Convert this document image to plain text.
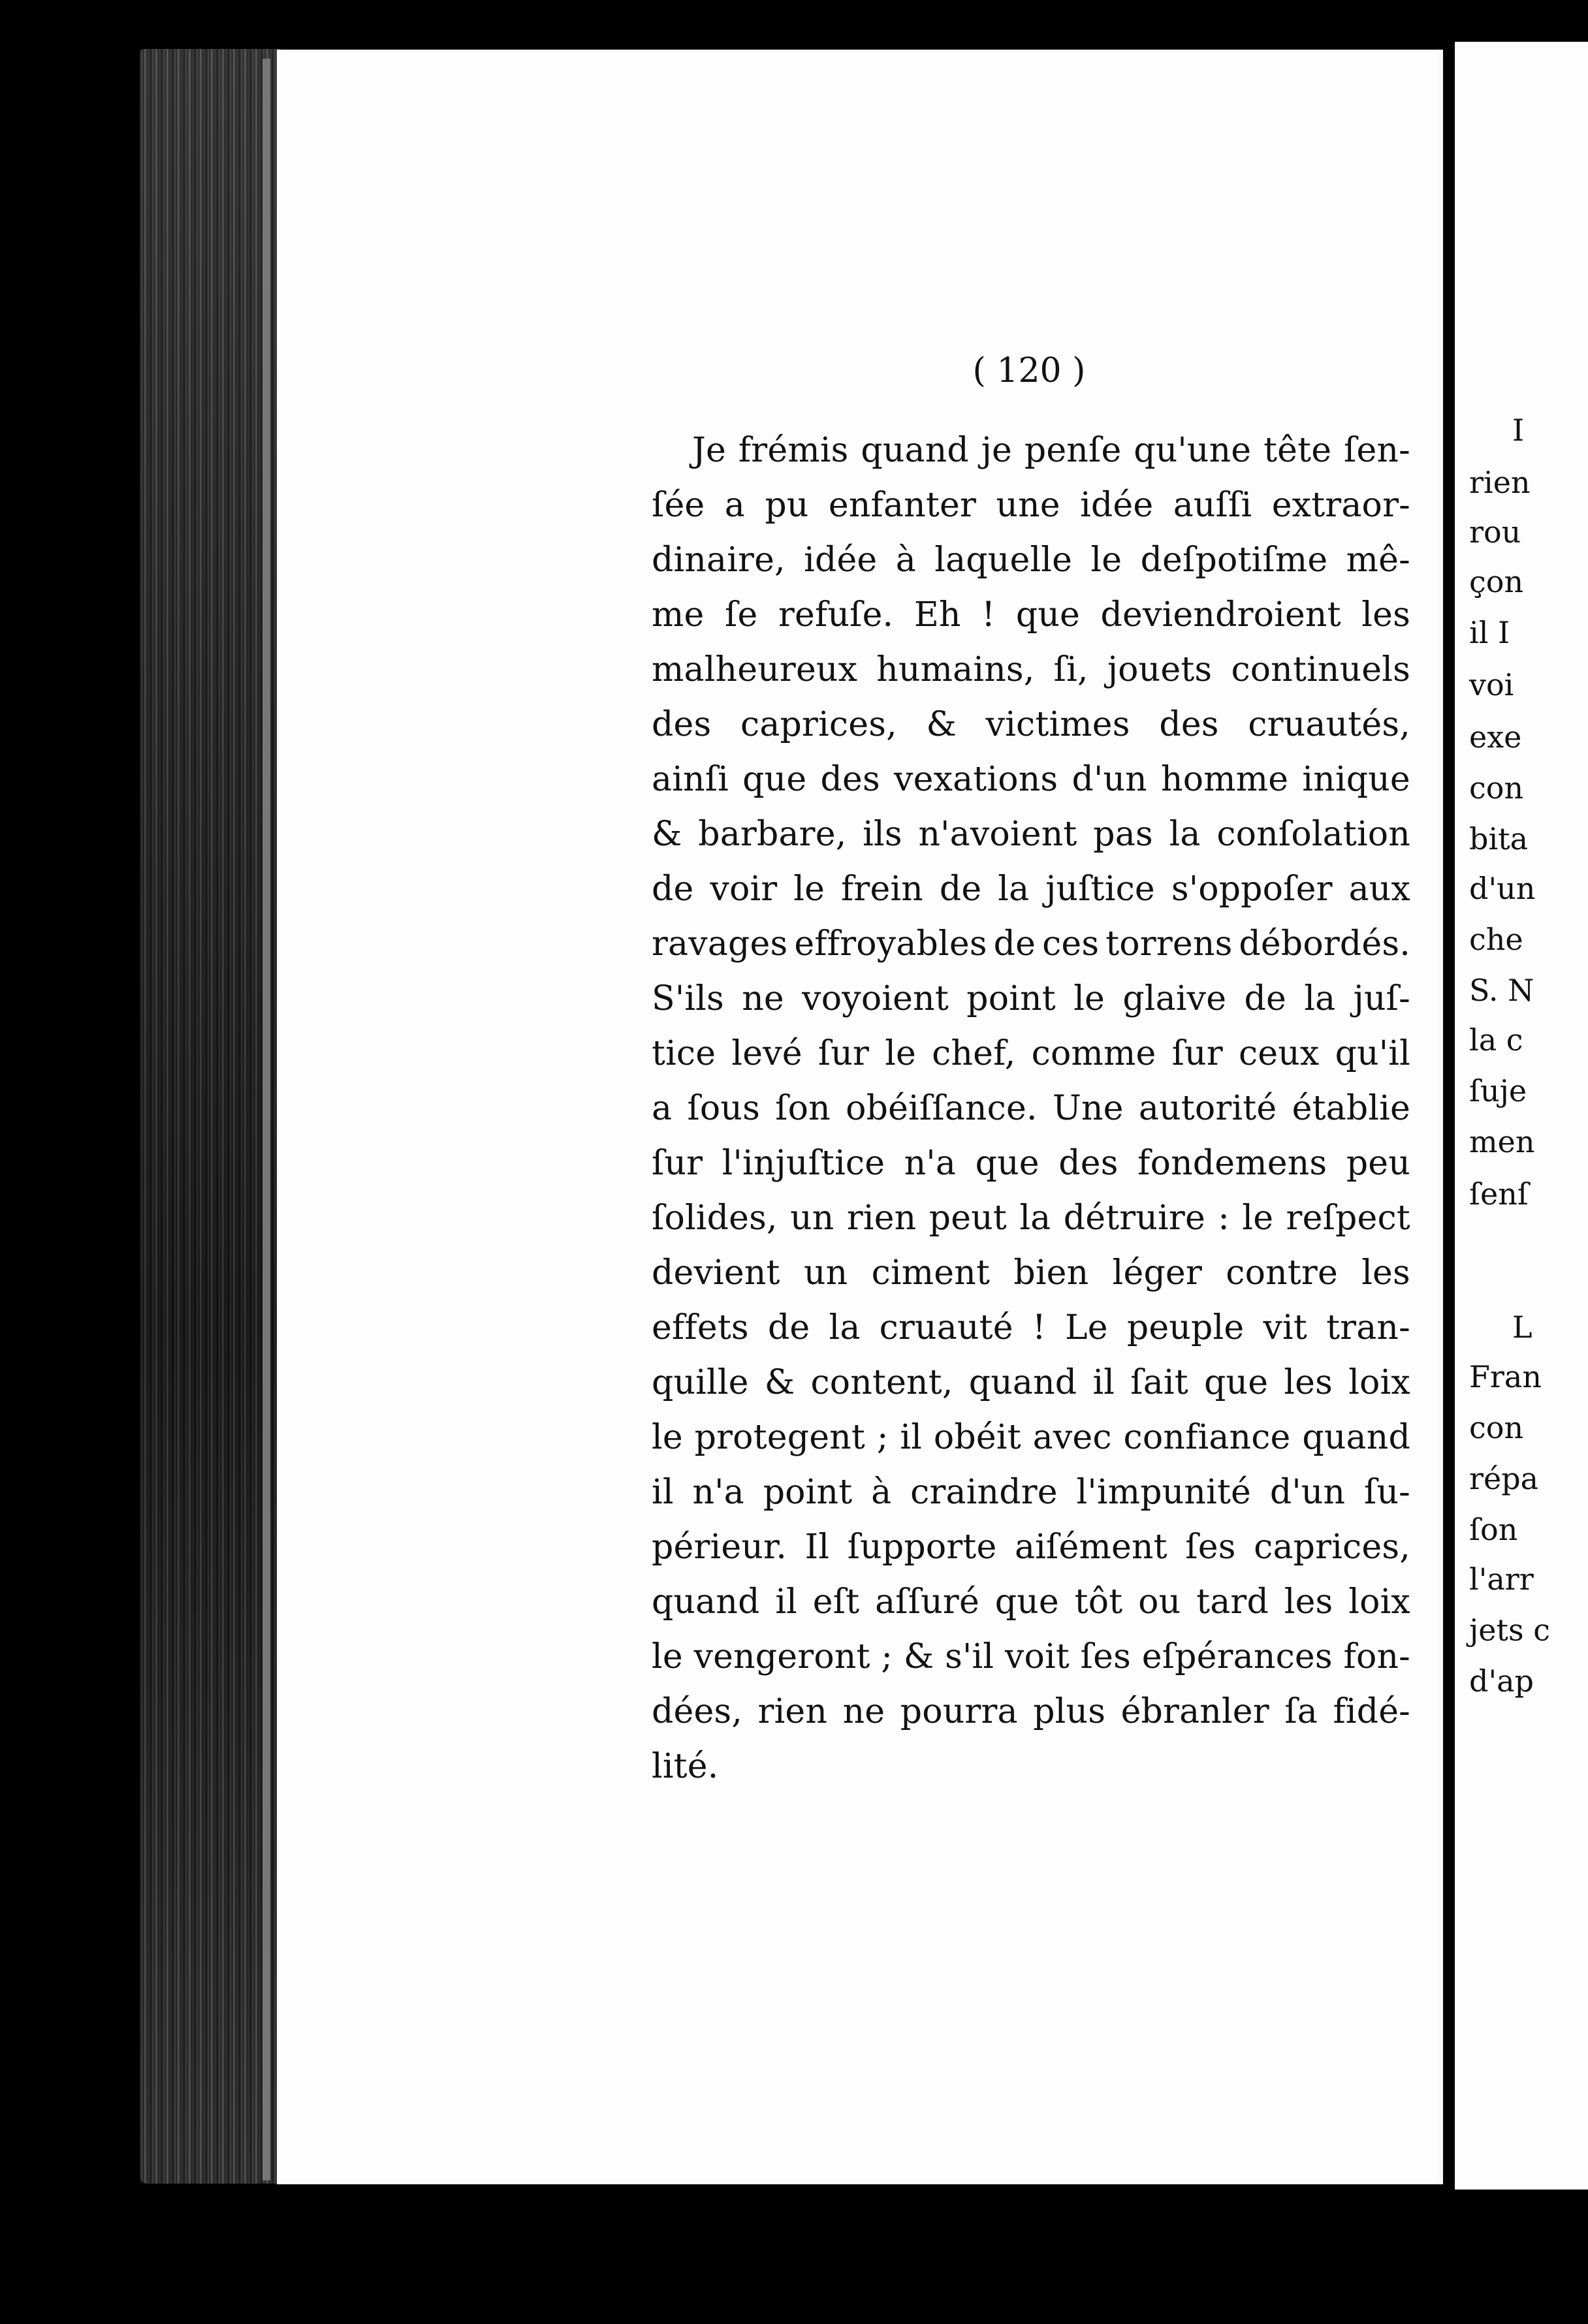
I
rien
rou
çon
il I
voi
exe
con
bita
d'un
che
S. N
la c
ſuje
men
ſenſ
L
Fran
con
répa
ſon
l'arr
jets c
d'ap
( 120 )
Je frémis quand je penſe qu'une tête ſen-
ſée a pu enfanter une idée auſſi extraor-
dinaire, idée à laquelle le deſpotiſme mê-
me ſe refuſe. Eh ! que deviendroient les
malheureux humains, ſi, jouets continuels
des caprices, & victimes des cruautés,
ainſi que des vexations d'un homme inique
& barbare, ils n'avoient pas la conſolation
de voir le frein de la juſtice s'oppoſer aux
ravages effroyables de ces torrens débordés.
S'ils ne voyoient point le glaive de la juſ-
tice levé ſur le chef, comme ſur ceux qu'il
a ſous ſon obéiſſance. Une autorité établie
ſur l'injuſtice n'a que des fondemens peu
ſolides, un rien peut la détruire : le reſpect
devient un ciment bien léger contre les
effets de la cruauté ! Le peuple vit tran-
quille & content, quand il ſait que les loix
le protegent ; il obéit avec confiance quand
il n'a point à craindre l'impunité d'un ſu-
périeur. Il ſupporte aiſément ſes caprices,
quand il eſt aſſuré que tôt ou tard les loix
le vengeront ; & s'il voit ſes eſpérances fon-
dées, rien ne pourra plus ébranler ſa fidé-
lité.
